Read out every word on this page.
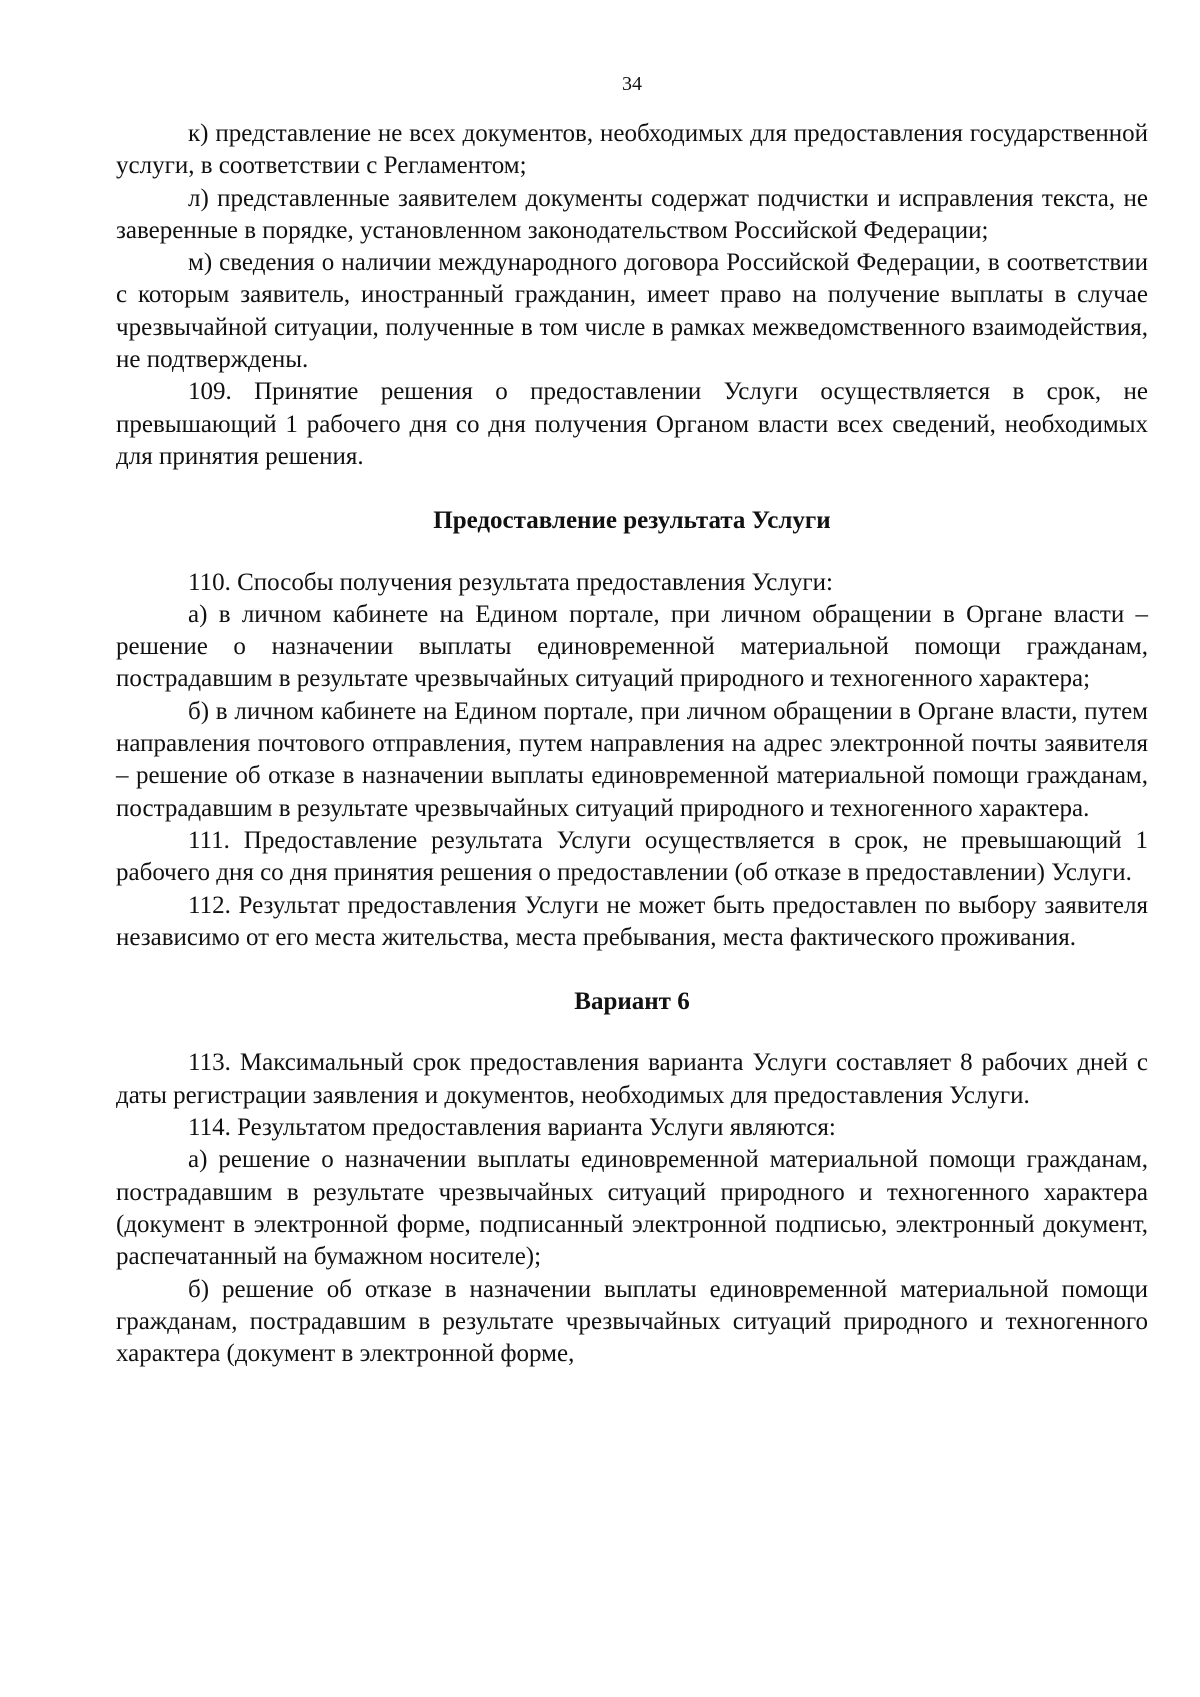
34

к) представление не всех документов, необходимых для предоставления государственной услуги, в соответствии с Регламентом;

л) представленные заявителем документы содержат подчистки и исправления текста, не заверенные в порядке, установленном законодательством Российской Федерации;

м) сведения о наличии международного договора Российской Федерации, в соответствии с которым заявитель, иностранный гражданин, имеет право на получение выплаты в случае чрезвычайной ситуации, полученные в том числе в рамках межведомственного взаимодействия, не подтверждены.

109. Принятие решения о предоставлении Услуги осуществляется в срок, не превышающий 1 рабочего дня со дня получения Органом власти всех сведений, необходимых для принятия решения.

Предоставление результата Услуги

110. Способы получения результата предоставления Услуги:

а) в личном кабинете на Едином портале, при личном обращении в Органе власти – решение о назначении выплаты единовременной материальной помощи гражданам, пострадавшим в результате чрезвычайных ситуаций природного и техногенного характера;

б) в личном кабинете на Едином портале, при личном обращении в Органе власти, путем направления почтового отправления, путем направления на адрес электронной почты заявителя – решение об отказе в назначении выплаты единовременной материальной помощи гражданам, пострадавшим в результате чрезвычайных ситуаций природного и техногенного характера.

111. Предоставление результата Услуги осуществляется в срок, не превышающий 1 рабочего дня со дня принятия решения о предоставлении (об отказе в предоставлении) Услуги.

112. Результат предоставления Услуги не может быть предоставлен по выбору заявителя независимо от его места жительства, места пребывания, места фактического проживания.

Вариант 6

113. Максимальный срок предоставления варианта Услуги составляет 8 рабочих дней с даты регистрации заявления и документов, необходимых для предоставления Услуги.

114. Результатом предоставления варианта Услуги являются:

а) решение о назначении выплаты единовременной материальной помощи гражданам, пострадавшим в результате чрезвычайных ситуаций природного и техногенного характера (документ в электронной форме, подписанный электронной подписью, электронный документ, распечатанный на бумажном носителе);

б) решение об отказе в назначении выплаты единовременной материальной помощи гражданам, пострадавшим в результате чрезвычайных ситуаций природного и техногенного характера (документ в электронной форме,
